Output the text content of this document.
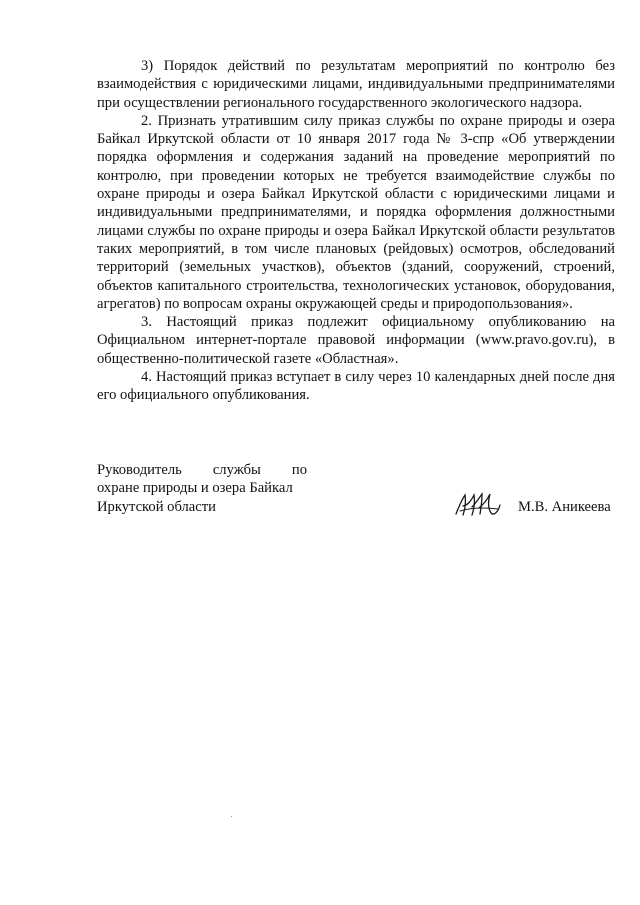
3) Порядок действий по результатам мероприятий по контролю без взаимодействия с юридическими лицами, индивидуальными предпринимателями при осуществлении регионального государственного экологического надзора.

2. Признать утратившим силу приказ службы по охране природы и озера Байкал Иркутской области от 10 января 2017 года № 3-спр «Об утверждении порядка оформления и содержания заданий на проведение мероприятий по контролю, при проведении которых не требуется взаимодействие службы по охране природы и озера Байкал Иркутской области с юридическими лицами и индивидуальными предпринимателями, и порядка оформления должностными лицами службы по охране природы и озера Байкал Иркутской области результатов таких мероприятий, в том числе плановых (рейдовых) осмотров, обследований территорий (земельных участков), объектов (зданий, сооружений, строений, объектов капитального строительства, технологических установок, оборудования, агрегатов) по вопросам охраны окружающей среды и природопользования».

3. Настоящий приказ подлежит официальному опубликованию на Официальном интернет-портале правовой информации (www.pravo.gov.ru), в общественно-политической газете «Областная».

4. Настоящий приказ вступает в силу через 10 календарных дней после дня его официального опубликования.

Руководитель службы по
охране природы и озера Байкал
Иркутской области	М.В. Аникеева
